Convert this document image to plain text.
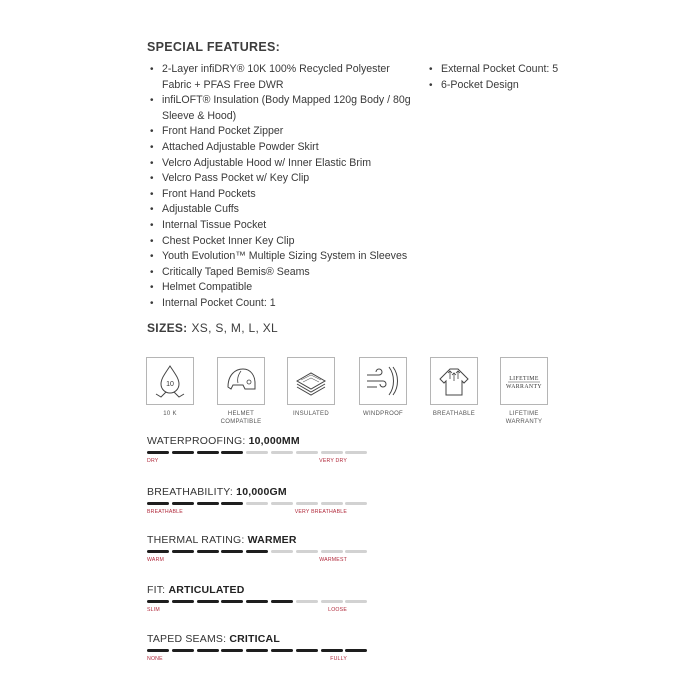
SPECIAL FEATURES:
• 2-Layer infiDRY® 10K 100% Recycled Polyester Fabric + PFAS Free DWR
• infiLOFT® Insulation (Body Mapped 120g Body / 80g Sleeve & Hood)
• Front Hand Pocket Zipper
• Attached Adjustable Powder Skirt
• Velcro Adjustable Hood w/ Inner Elastic Brim
• Velcro Pass Pocket w/ Key Clip
• Front Hand Pockets
• Adjustable Cuffs
• Internal Tissue Pocket
• Chest Pocket Inner Key Clip
• Youth Evolution™ Multiple Sizing System in Sleeves
• Critically Taped Bemis® Seams
• Helmet Compatible
• Internal Pocket Count: 1
• External Pocket Count: 5
• 6-Pocket Design
SIZES: XS, S, M, L, XL
10
10 K	HELMET
COMPATIBLE
INSULATED	WINDPROOF	BREATHABLE
LIFETIME
WARRANTY
LIFETIME
WARRANTY
WATERPROOFING: 10,000MM
DRY	VERY DRY
BREATHABILITY: 10,000GM
BREATHABLE	VERY BREATHABLE
THERMAL RATING: WARMER
WARM	WARMEST
FIT: ARTICULATED
SLIM	LOOSE
TAPED SEAMS: CRITICAL
NONE	FULLY
